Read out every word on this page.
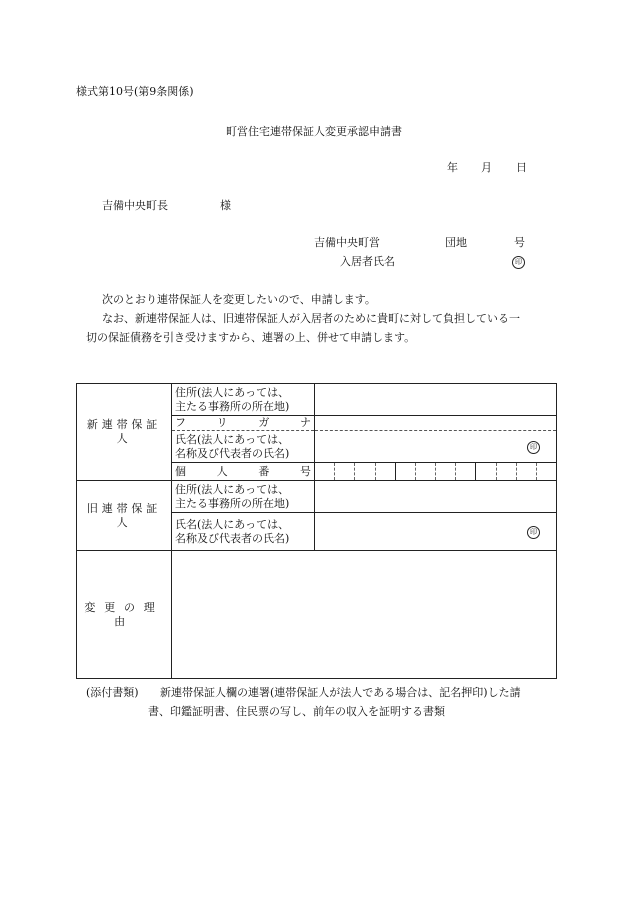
様式第10号(第9条関係)
町営住宅連帯保証人変更承認申請書
年 月 日
吉備中央町長	様
吉備中央町営	団地	号
入居者氏名	印
次のとおり連帯保証人を変更したいので、申請します。
なお、新連帯保証人は、旧連帯保証人が入居者のために貴町に対して負担している一
切の保証債務を引き受けますから、連署の上、併せて申請します。
新連帯保証人	住所(法人にあっては、
主たる事務所の所在地)	

	フ リ ガ ナ	

	氏名(法人にあっては、
名称及び代表者の氏名)	印

	個 人 番 号	

旧連帯保証人	住所(法人にあっては、
主たる事務所の所在地)	

	氏名(法人にあっては、
名称及び代表者の氏名)	印
変更の理由		
(添付書類) 新連帯保証人欄の連署(連帯保証人が法人である場合は、記名押印)した請
書、印鑑証明書、住民票の写し、前年の収入を証明する書類
